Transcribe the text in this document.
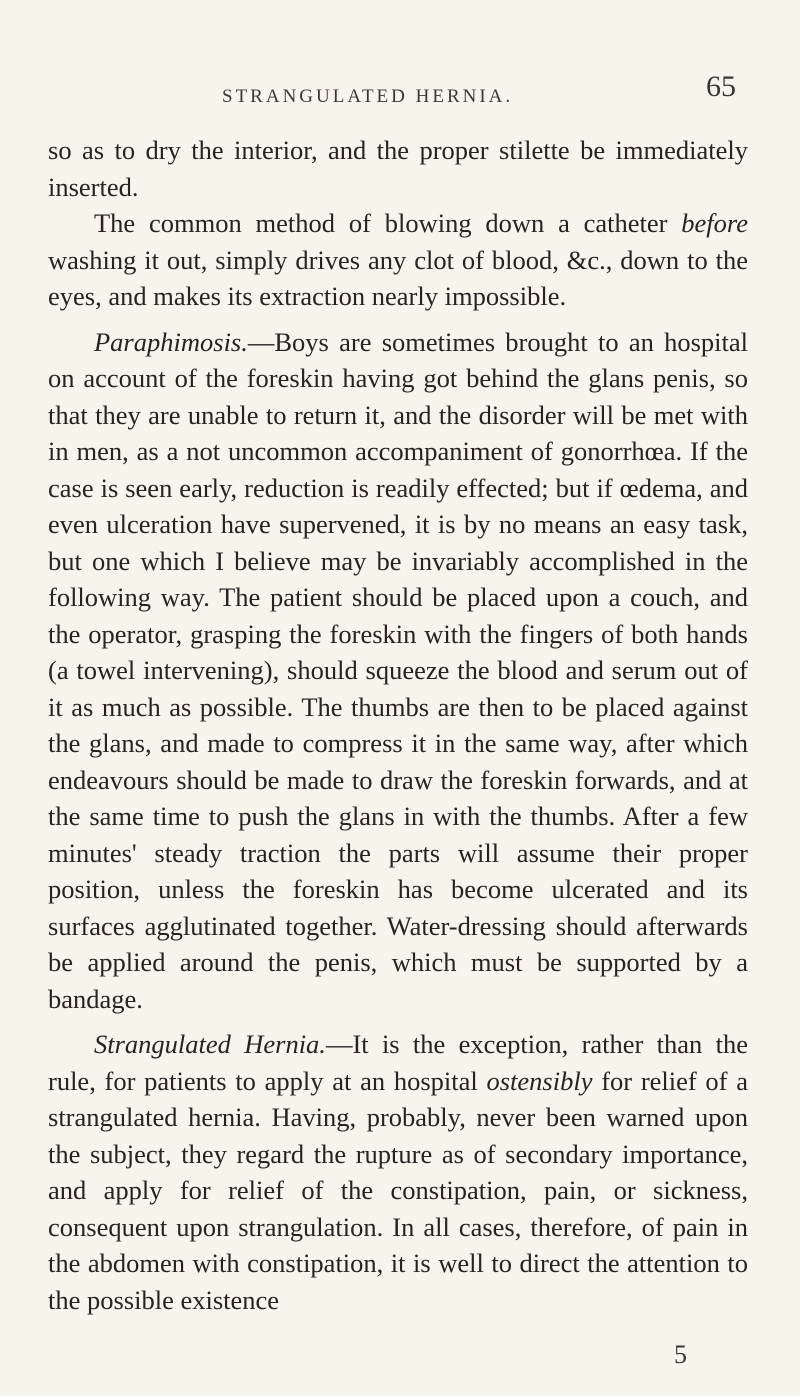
STRANGULATED HERNIA.	65

so as to dry the interior, and the proper stilette be immediately inserted.

The common method of blowing down a catheter before washing it out, simply drives any clot of blood, &c., down to the eyes, and makes its extraction nearly impossible.

Paraphimosis.—Boys are sometimes brought to an hospital on account of the foreskin having got behind the glans penis, so that they are unable to return it, and the disorder will be met with in men, as a not uncommon accompaniment of gonorrhœa. If the case is seen early, reduction is readily effected; but if œdema, and even ulceration have supervened, it is by no means an easy task, but one which I believe may be invariably accomplished in the following way. The patient should be placed upon a couch, and the operator, grasping the foreskin with the fingers of both hands (a towel intervening), should squeeze the blood and serum out of it as much as possible. The thumbs are then to be placed against the glans, and made to compress it in the same way, after which endeavours should be made to draw the foreskin forwards, and at the same time to push the glans in with the thumbs. After a few minutes' steady traction the parts will assume their proper position, unless the foreskin has become ulcerated and its surfaces agglutinated together. Water-dressing should afterwards be applied around the penis, which must be supported by a bandage.

Strangulated Hernia.—It is the exception, rather than the rule, for patients to apply at an hospital ostensibly for relief of a strangulated hernia. Having, probably, never been warned upon the subject, they regard the rupture as of secondary importance, and apply for relief of the constipation, pain, or sickness, consequent upon strangulation. In all cases, therefore, of pain in the abdomen with constipation, it is well to direct the attention to the possible existence

5
